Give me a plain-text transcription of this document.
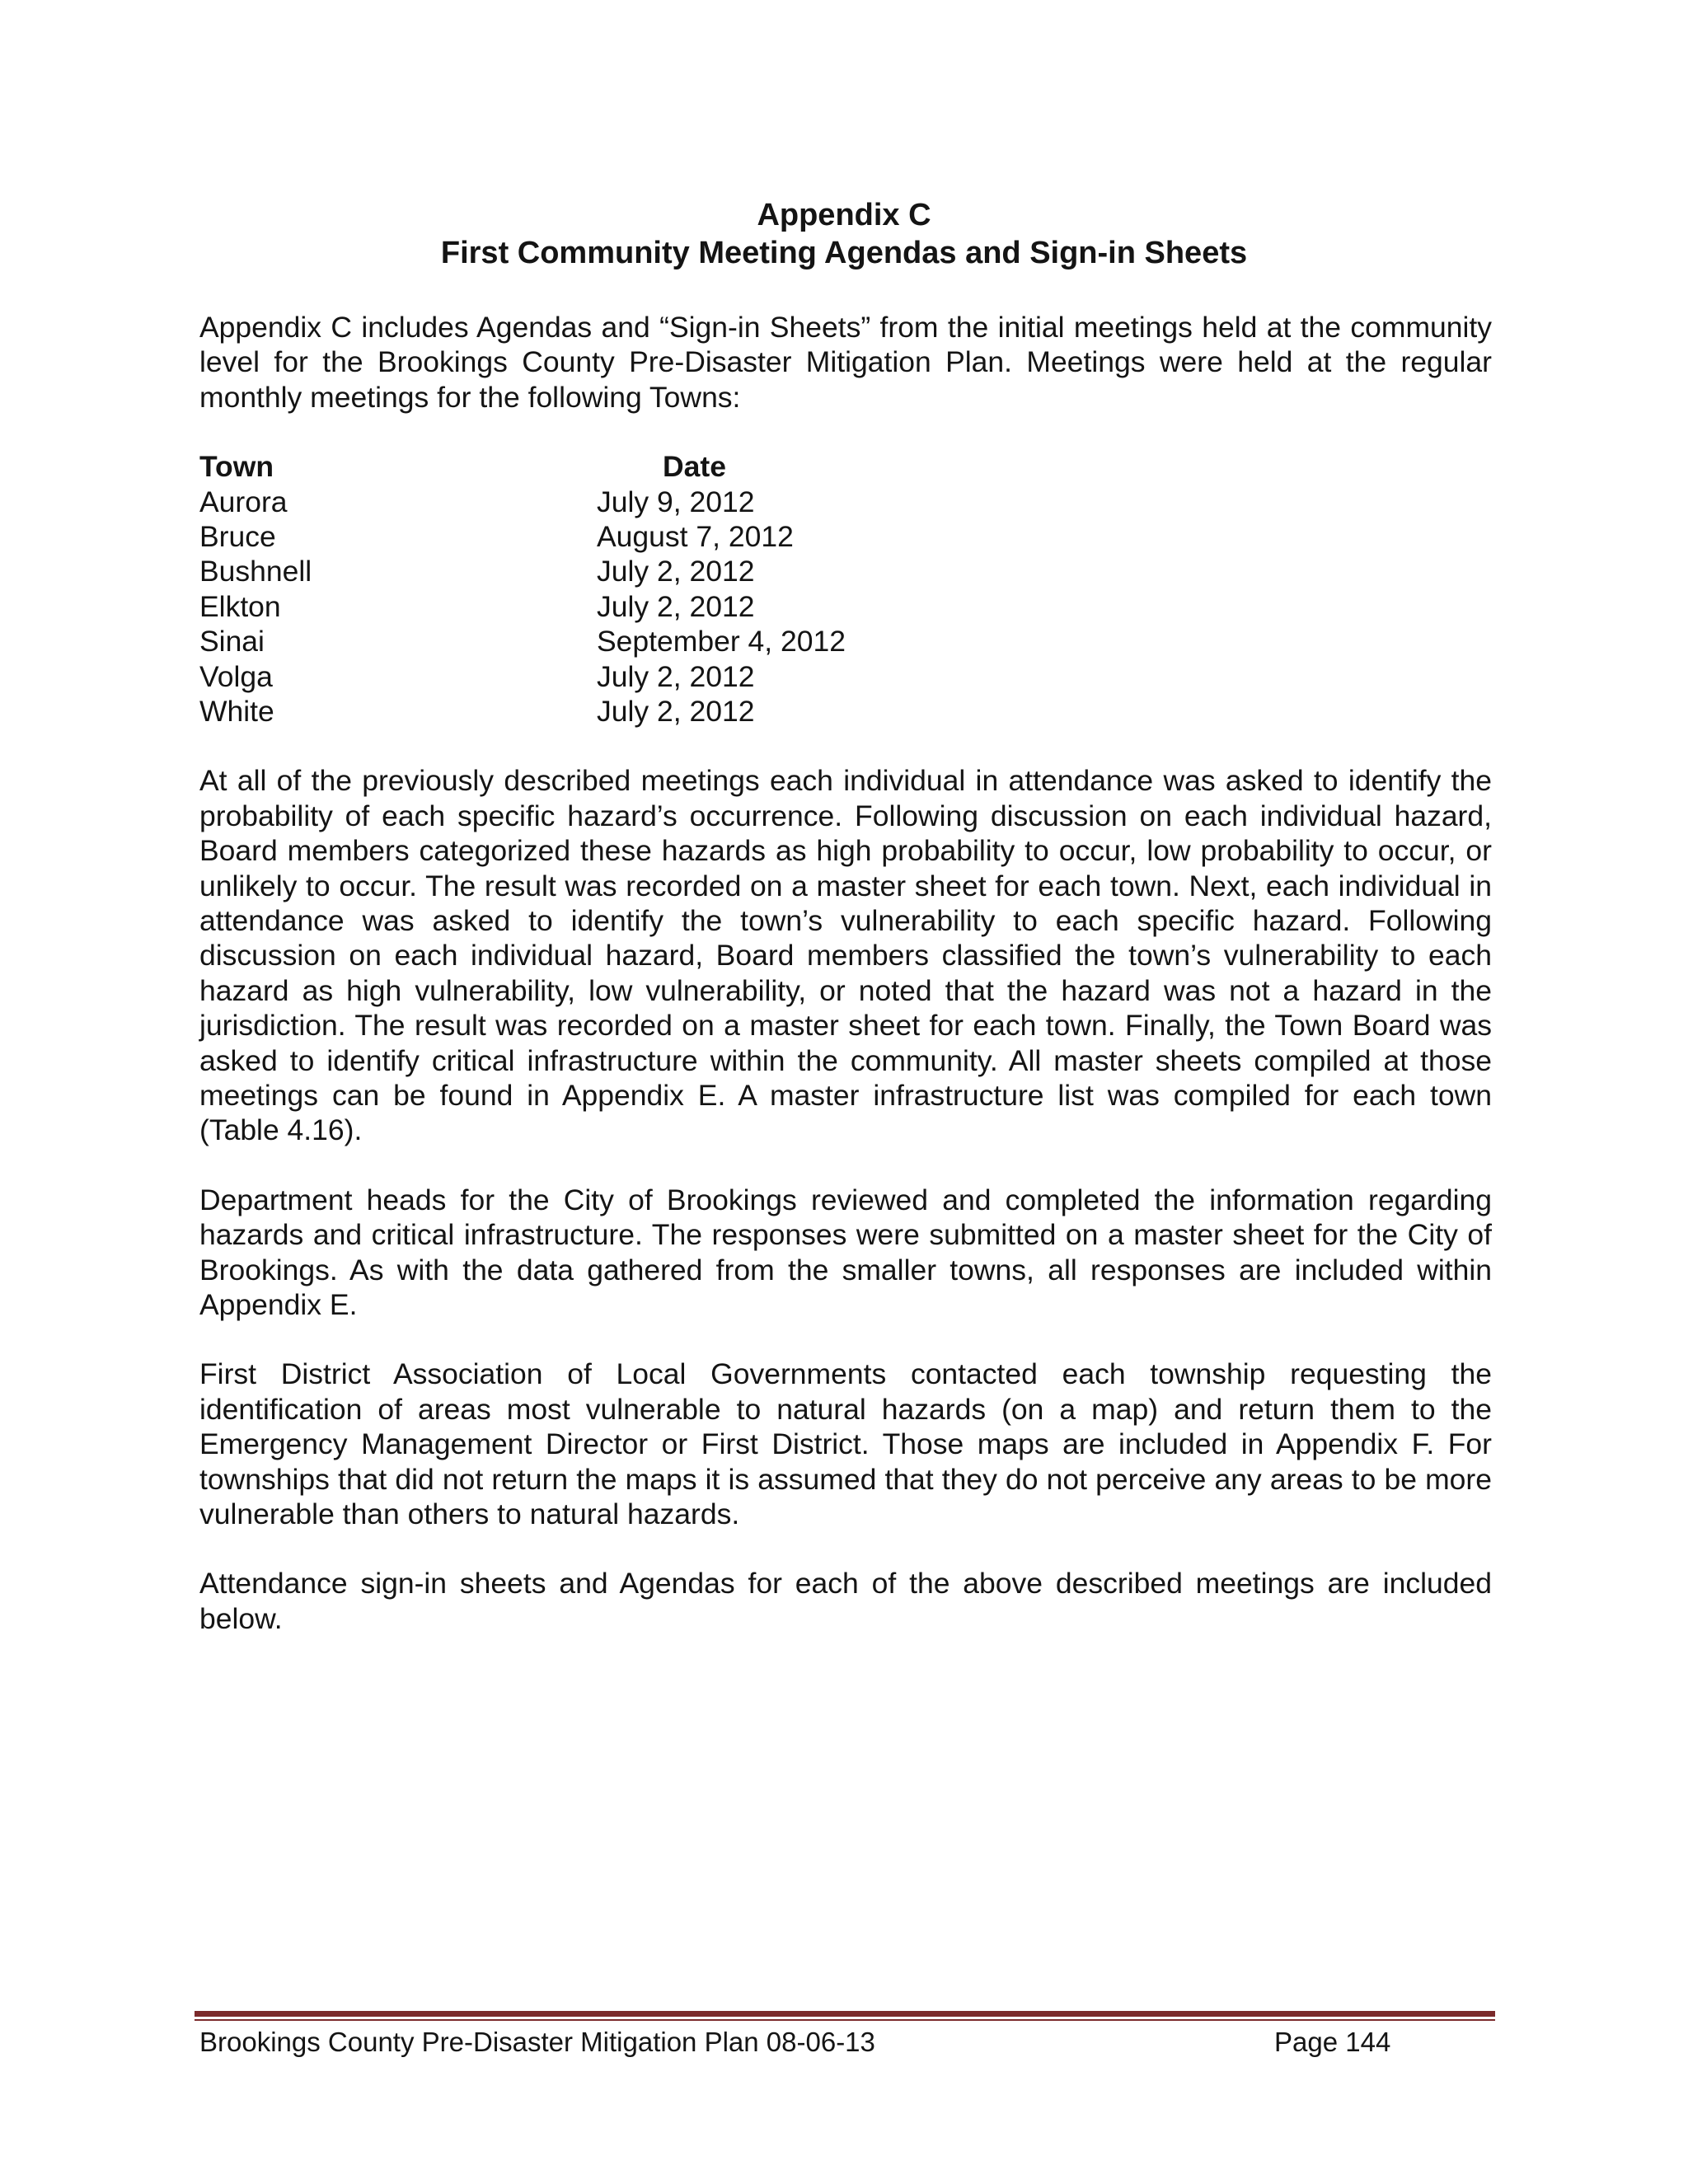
Appendix C
First Community Meeting Agendas and Sign-in Sheets

Appendix C includes Agendas and “Sign-in Sheets” from the initial meetings held at the community level for the Brookings County Pre-Disaster Mitigation Plan. Meetings were held at the regular monthly meetings for the following Towns:

Town	Date
Aurora	July 9, 2012
Bruce	August 7, 2012
Bushnell	July 2, 2012
Elkton	July 2, 2012
Sinai	September 4, 2012
Volga	July 2, 2012
White	July 2, 2012

At all of the previously described meetings each individual in attendance was asked to identify the probability of each specific hazard’s occurrence. Following discussion on each individual hazard, Board members categorized these hazards as high probability to occur, low probability to occur, or unlikely to occur. The result was recorded on a master sheet for each town. Next, each individual in attendance was asked to identify the town’s vulnerability to each specific hazard. Following discussion on each individual hazard, Board members classified the town’s vulnerability to each hazard as high vulnerability, low vulnerability, or noted that the hazard was not a hazard in the jurisdiction. The result was recorded on a master sheet for each town. Finally, the Town Board was asked to identify critical infrastructure within the community. All master sheets compiled at those meetings can be found in Appendix E. A master infrastructure list was compiled for each town (Table 4.16).

Department heads for the City of Brookings reviewed and completed the information regarding hazards and critical infrastructure. The responses were submitted on a master sheet for the City of Brookings. As with the data gathered from the smaller towns, all responses are included within Appendix E.

First District Association of Local Governments contacted each township requesting the identification of areas most vulnerable to natural hazards (on a map) and return them to the Emergency Management Director or First District. Those maps are included in Appendix F. For townships that did not return the maps it is assumed that they do not perceive any areas to be more vulnerable than others to natural hazards.

Attendance sign-in sheets and Agendas for each of the above described meetings are included below.

Brookings County Pre-Disaster Mitigation Plan 08-06-13	Page 144
